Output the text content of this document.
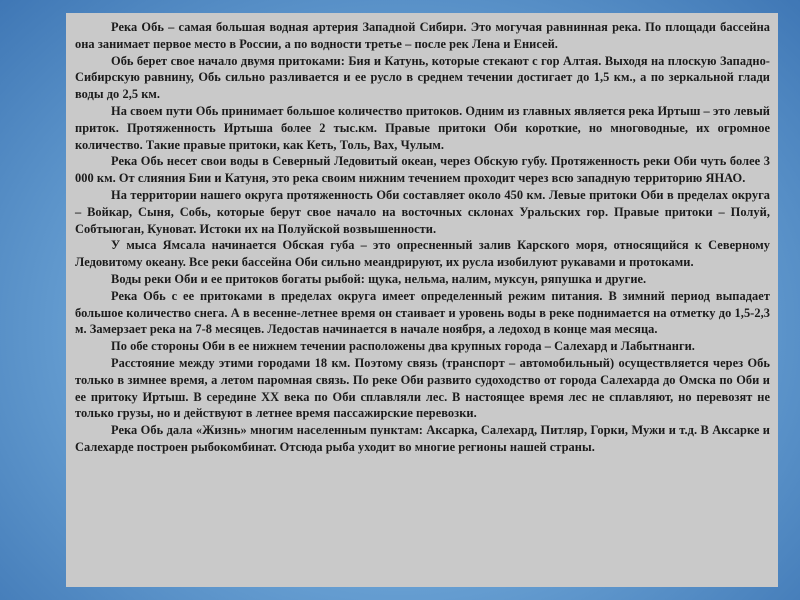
Река Обь – самая большая водная артерия Западной Сибири. Это могучая равнинная река. По площади бассейна она занимает первое место в России, а по водности третье – после рек Лена и Енисей.

Обь берет свое начало двумя притоками: Бия и Катунь, которые стекают с гор Алтая. Выходя на плоскую Западно-Сибирскую равнину, Обь сильно разливается и ее русло в среднем течении достигает до 1,5 км., а по зеркальной глади воды до 2,5 км.

На своем пути Обь принимает большое количество притоков. Одним из главных является река Иртыш – это левый приток. Протяженность Иртыша более 2 тыс.км. Правые притоки Оби короткие, но многоводные, их огромное количество. Такие правые притоки, как Кеть, Толь, Вах, Чулым.

Река Обь несет свои воды в Северный Ледовитый океан, через Обскую губу. Протяженность реки Оби чуть более 3 000 км. От слияния Бии и Катуня, это река своим нижним течением проходит через всю западную территорию ЯНАО.

На территории нашего округа протяженность Оби составляет около 450 км. Левые притоки Оби в пределах округа – Войкар, Сыня, Собь, которые берут свое начало на восточных склонах Уральских гор. Правые притоки – Полуй, Собтыюган, Куноват. Истоки их на Полуйской возвышенности.

У мыса Ямсала начинается Обская губа – это опресненный залив Карского моря, относящийся к Северному Ледовитому океану. Все реки бассейна Оби сильно меандрируют, их русла изобилуют рукавами и протоками.

Воды реки Оби и ее притоков богаты рыбой: щука, нельма, налим, муксун, ряпушка и другие.

Река Обь с ее притоками в пределах округа имеет определенный режим питания. В зимний период выпадает большое количество снега. А в весенне-летнее время он стаивает и уровень воды в реке поднимается на отметку до 1,5-2,3 м. Замерзает река на 7-8 месяцев. Ледостав начинается в начале ноября, а ледоход в конце мая месяца.

По обе стороны Оби в ее нижнем течении расположены два крупных города – Салехард и Лабытнанги.

Расстояние между этими городами 18 км. Поэтому связь (транспорт – автомобильный) осуществляется через Обь только в зимнее время, а летом паромная связь. По реке Оби развито судоходство от города Салехарда до Омска по Оби и ее притоку Иртыш. В середине XX века по Оби сплавляли лес. В настоящее время лес не сплавляют, но перевозят не только грузы, но и действуют в летнее время пассажирские перевозки.

Река Обь дала «Жизнь» многим населенным пунктам: Аксарка, Салехард, Питляр, Горки, Мужи и т.д. В Аксарке и Салехарде построен рыбокомбинат. Отсюда рыба уходит во многие регионы нашей страны.
